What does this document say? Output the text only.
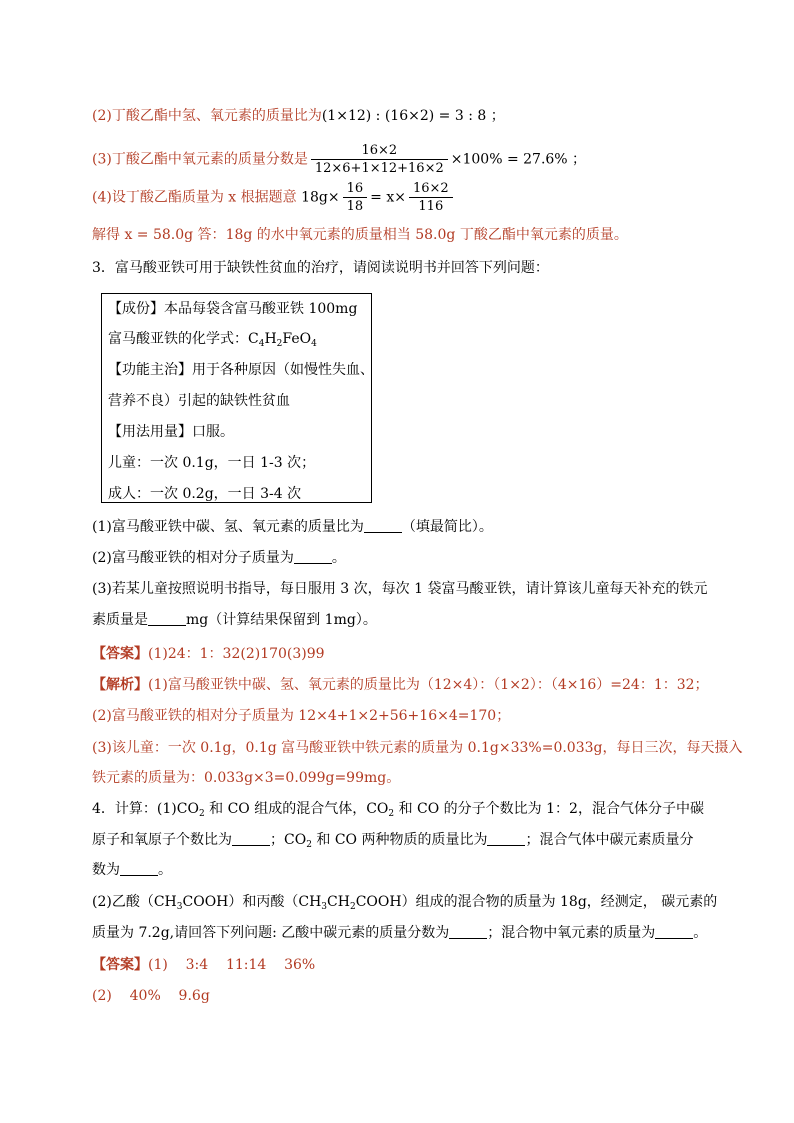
(2)丁酸乙酯中氢、氧元素的质量比为(1×12) : (16×2) = 3 : 8 ；
(3)丁酸乙酯中氧元素的质量分数是 $\frac{16\times 2}{12\times 6+1\times 12+16\times 2} \times 100\% = 27.6\%$ ；
(4)设丁酸乙酯质量为 x 根据题意 $18g\times \frac{16}{18} = x\times \frac{16\times 2}{116}$
解得 x = 58.0g 答：18g 的水中氧元素的质量相当 58.0g 丁酸乙酯中氧元素的质量。
3．富马酸亚铁可用于缺铁性贫血的治疗，请阅读说明书并回答下列问题：
【成份】本品每袋含富马酸亚铁 100mg
富马酸亚铁的化学式：$C_4H_2FeO_4$
【功能主治】用于各种原因（如慢性失血、
营养不良）引起的缺铁性贫血
【用法用量】口服。
儿童：一次 0.1g，一日 1-3 次；
成人：一次 0.2g，一日 3-4 次
(1)富马酸亚铁中碳、氢、氧元素的质量比为	（填最简比）。
(2)富马酸亚铁的相对分子质量为	。
(3)若某儿童按照说明书指导，每日服用 3 次，每次 1 袋富马酸亚铁，请计算该儿童每天补充的铁元
素质量是	mg（计算结果保留到 1mg）。
【答案】(1)24：1：32(2)170(3)99
【解析】(1)富马酸亚铁中碳、氢、氧元素的质量比为（12×4）：（1×2）：（4×16）=24：1：32；
(2)富马酸亚铁的相对分子质量为 12×4+1×2+56+16×4=170；
(3)该儿童：一次 0.1g，0.1g 富马酸亚铁中铁元素的质量为 0.1g×33%=0.033g，每日三次，每天摄入
铁元素的质量为：0.033g×3=0.099g=99mg。
4．计算：$(1)CO_2$ 和 CO 组成的混合气体，$CO_2$ 和 CO 的分子个数比为 1：2，混合气体分子中碳
原子和氧原子个数比为	；$CO_2$ 和 CO 两种物质的质量比为	；混合气体中碳元素质量分
数为	。
(2)乙酸$(CH_3COOH)$和丙酸$(CH_3CH_2COOH)$组成的混合物的质量为 18g，经测定， 碳元素的
质量为 7.2g,请回答下列问题: 乙酸中碳元素的质量分数为	；混合物中氧元素的质量为	。
【答案】(1)    3:4    11:14    36%
(2)    40%    9.6g
